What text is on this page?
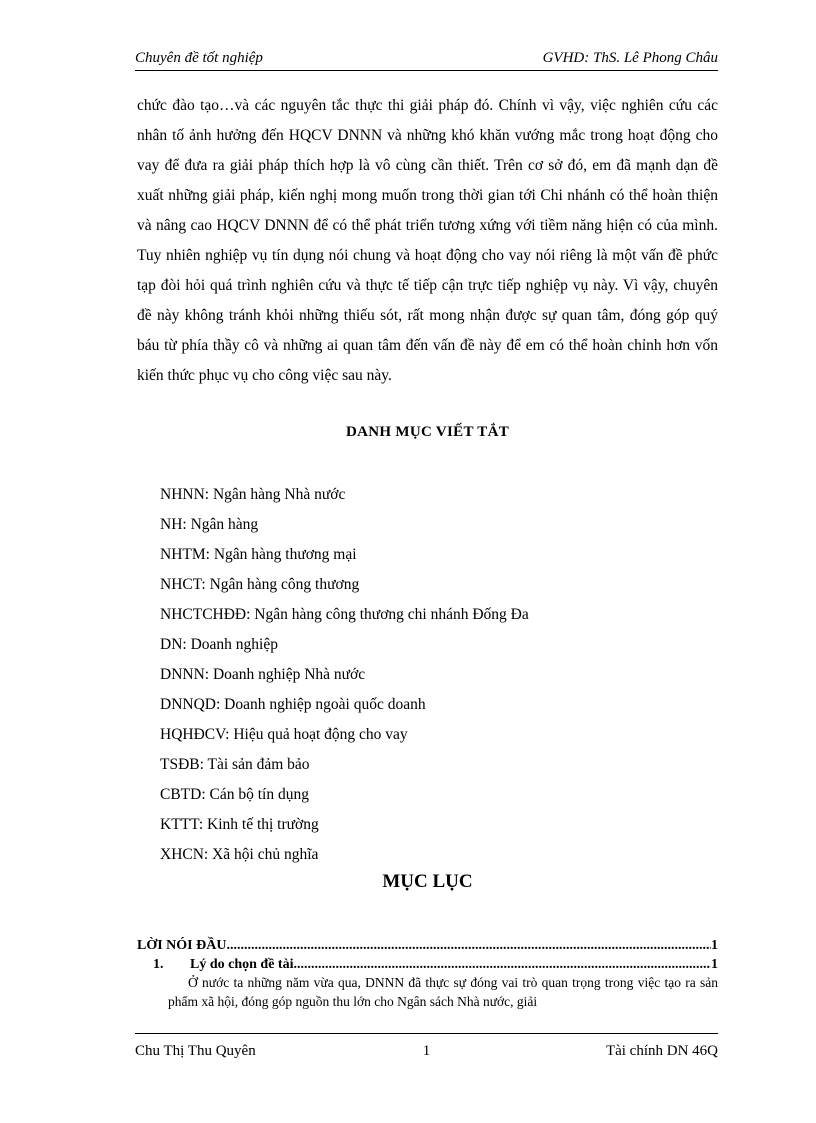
Chuyên đề tốt nghiệp	GVHD: ThS. Lê Phong Châu
chức đào tạo…và các nguyên tắc thực thi giải pháp đó. Chính vì vậy, việc nghiên cứu các nhân tố ảnh hưởng đến HQCV DNNN và những khó khăn vướng mắc trong hoạt động cho vay để đưa ra giải pháp thích hợp là vô cùng cần thiết. Trên cơ sở đó, em đã mạnh dạn đề xuất những giải pháp, kiến nghị mong muốn trong thời gian tới Chi nhánh có thể hoàn thiện và nâng cao HQCV DNNN để có thể phát triển tương xứng với tiềm năng hiện có của mình. Tuy nhiên nghiệp vụ tín dụng nói chung và hoạt động cho vay nói riêng là một vấn đề phức tạp đòi hỏi quá trình nghiên cứu và thực tế tiếp cận trực tiếp nghiệp vụ này. Vì vậy, chuyên đề này không tránh khỏi những thiếu sót, rất mong nhận được sự quan tâm, đóng góp quý báu từ phía thầy cô và những ai quan tâm đến vấn đề này để em có thể hoàn chỉnh hơn vốn kiến thức phục vụ cho công việc sau này.
DANH MỤC VIẾT TẮT
NHNN: Ngân hàng Nhà nước
NH: Ngân hàng
NHTM: Ngân hàng thương mại
NHCT: Ngân hàng công thương
NHCTCHĐĐ: Ngân hàng công thương chi nhánh Đống Đa
DN: Doanh nghiệp
DNNN: Doanh nghiệp Nhà nước
DNNQD: Doanh nghiệp ngoài quốc doanh
HQHĐCV: Hiệu quả hoạt động cho vay
TSĐB: Tài sản đảm bảo
CBTD: Cán bộ tín dụng
KTTT: Kinh tế thị trường
XHCN: Xã hội chủ nghĩa
MỤC LỤC
LỜI NÓI ĐẦU .....	1
1.	Lý do chọn đề tài .....	1
Ở nước ta những năm vừa qua, DNNN đã thực sự đóng vai trò quan trọng trong việc tạo ra sản phẩm xã hội, đóng góp nguồn thu lớn cho Ngân sách Nhà nước, giải
Chu Thị Thu Quyên	1	Tài chính DN 46Q
